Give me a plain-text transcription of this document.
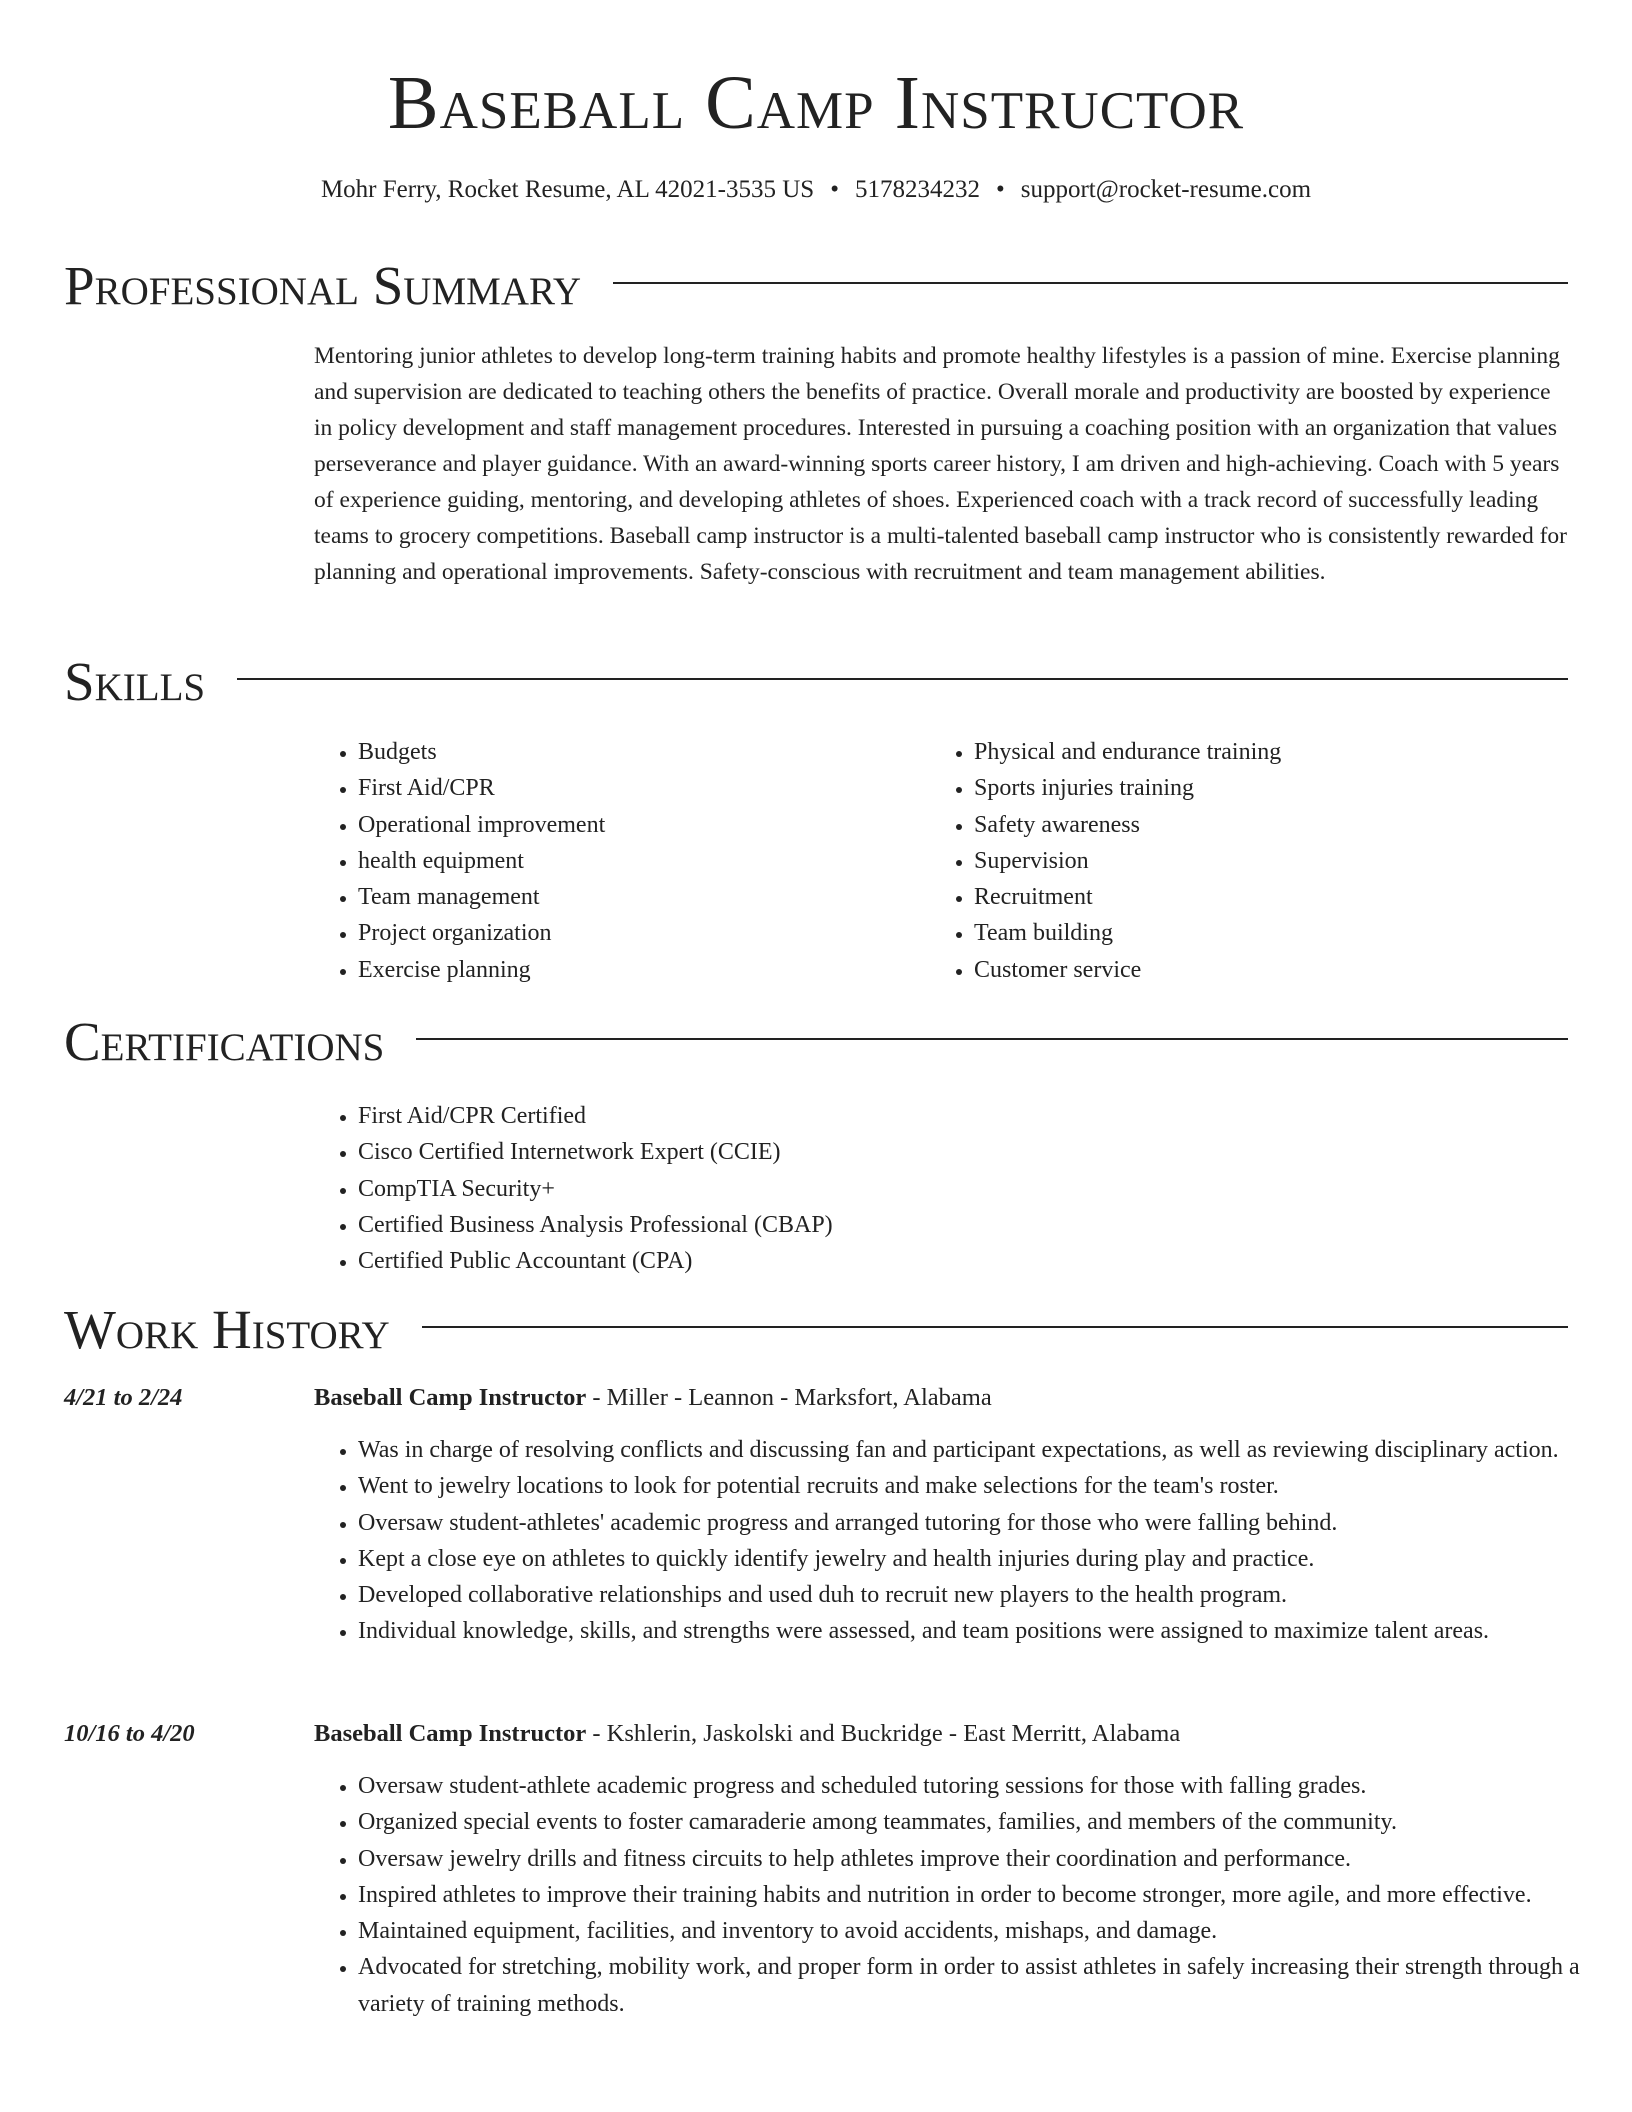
Baseball Camp Instructor
Mohr Ferry, Rocket Resume, AL 42021-3535 US • 5178234232 • support@rocket-resume.com
Professional Summary

Mentoring junior athletes to develop long-term training habits and promote healthy lifestyles is a passion of mine. Exercise planning and supervision are dedicated to teaching others the benefits of practice. Overall morale and productivity are boosted by experience in policy development and staff management procedures. Interested in pursuing a coaching position with an organization that values perseverance and player guidance. With an award-winning sports career history, I am driven and high-achieving. Coach with 5 years of experience guiding, mentoring, and developing athletes of shoes. Experienced coach with a track record of successfully leading teams to grocery competitions. Baseball camp instructor is a multi-talented baseball camp instructor who is consistently rewarded for planning and operational improvements. Safety-conscious with recruitment and team management abilities.

Skills
• Budgets
• First Aid/CPR
• Operational improvement
• health equipment
• Team management
• Project organization
• Exercise planning
• Physical and endurance training
• Sports injuries training
• Safety awareness
• Supervision
• Recruitment
• Team building
• Customer service
Certifications
• First Aid/CPR Certified
• Cisco Certified Internetwork Expert (CCIE)
• CompTIA Security+
• Certified Business Analysis Professional (CBAP)
• Certified Public Accountant (CPA)
Work History
4/21 to 2/24	Baseball Camp Instructor - Miller - Leannon - Marksfort, Alabama
• Was in charge of resolving conflicts and discussing fan and participant expectations, as well as reviewing disciplinary action.
• Went to jewelry locations to look for potential recruits and make selections for the team's roster.
• Oversaw student-athletes' academic progress and arranged tutoring for those who were falling behind.
• Kept a close eye on athletes to quickly identify jewelry and health injuries during play and practice.
• Developed collaborative relationships and used duh to recruit new players to the health program.
• Individual knowledge, skills, and strengths were assessed, and team positions were assigned to maximize talent areas.
10/16 to 4/20	Baseball Camp Instructor - Kshlerin, Jaskolski and Buckridge - East Merritt, Alabama
• Oversaw student-athlete academic progress and scheduled tutoring sessions for those with falling grades.
• Organized special events to foster camaraderie among teammates, families, and members of the community.
• Oversaw jewelry drills and fitness circuits to help athletes improve their coordination and performance.
• Inspired athletes to improve their training habits and nutrition in order to become stronger, more agile, and more effective.
• Maintained equipment, facilities, and inventory to avoid accidents, mishaps, and damage.
• Advocated for stretching, mobility work, and proper form in order to assist athletes in safely increasing their strength through a variety of training methods.
